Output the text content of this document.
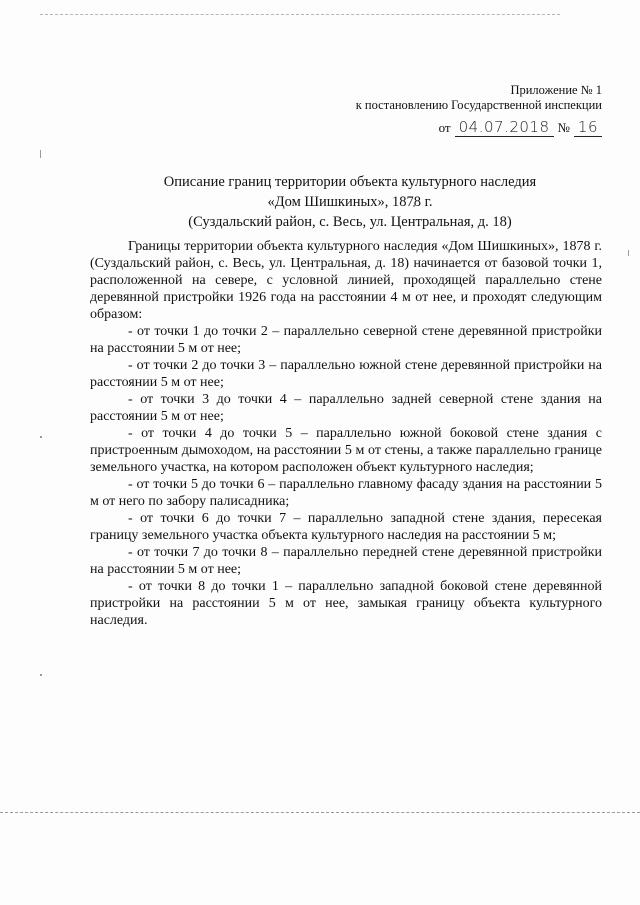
Приложение № 1
к постановлению Государственной инспекции
от 04.07.2018 № 16
Описание границ территории объекта культурного наследия
«Дом Шишкиных», 1878 г.
(Суздальский район, с. Весь, ул. Центральная, д. 18)

Границы территории объекта культурного наследия «Дом Шишкиных», 1878 г. (Суздальский район, с. Весь, ул. Центральная, д. 18) начинается от базовой точки 1, расположенной на севере, с условной линией, проходящей параллельно стене деревянной пристройки 1926 года на расстоянии 4 м от нее, и проходят следующим образом:

- от точки 1 до точки 2 – параллельно северной стене деревянной пристройки на расстоянии 5 м от нее;

- от точки 2 до точки 3 – параллельно южной стене деревянной пристройки на расстоянии 5 м от нее;

- от точки 3 до точки 4 – параллельно задней северной стене здания на расстоянии 5 м от нее;

- от точки 4 до точки 5 – параллельно южной боковой стене здания с пристроенным дымоходом, на расстоянии 5 м от стены, а также параллельно границе земельного участка, на котором расположен объект культурного наследия;

- от точки 5 до точки 6 – параллельно главному фасаду здания на расстоянии 5 м от него по забору палисадника;

- от точки 6 до точки 7 – параллельно западной стене здания, пересекая границу земельного участка объекта культурного наследия на расстоянии 5 м;

- от точки 7 до точки 8 – параллельно передней стене деревянной пристройки на расстоянии 5 м от нее;

- от точки 8 до точки 1 – параллельно западной боковой стене деревянной пристройки на расстоянии 5 м от нее, замыкая границу объекта культурного наследия.
